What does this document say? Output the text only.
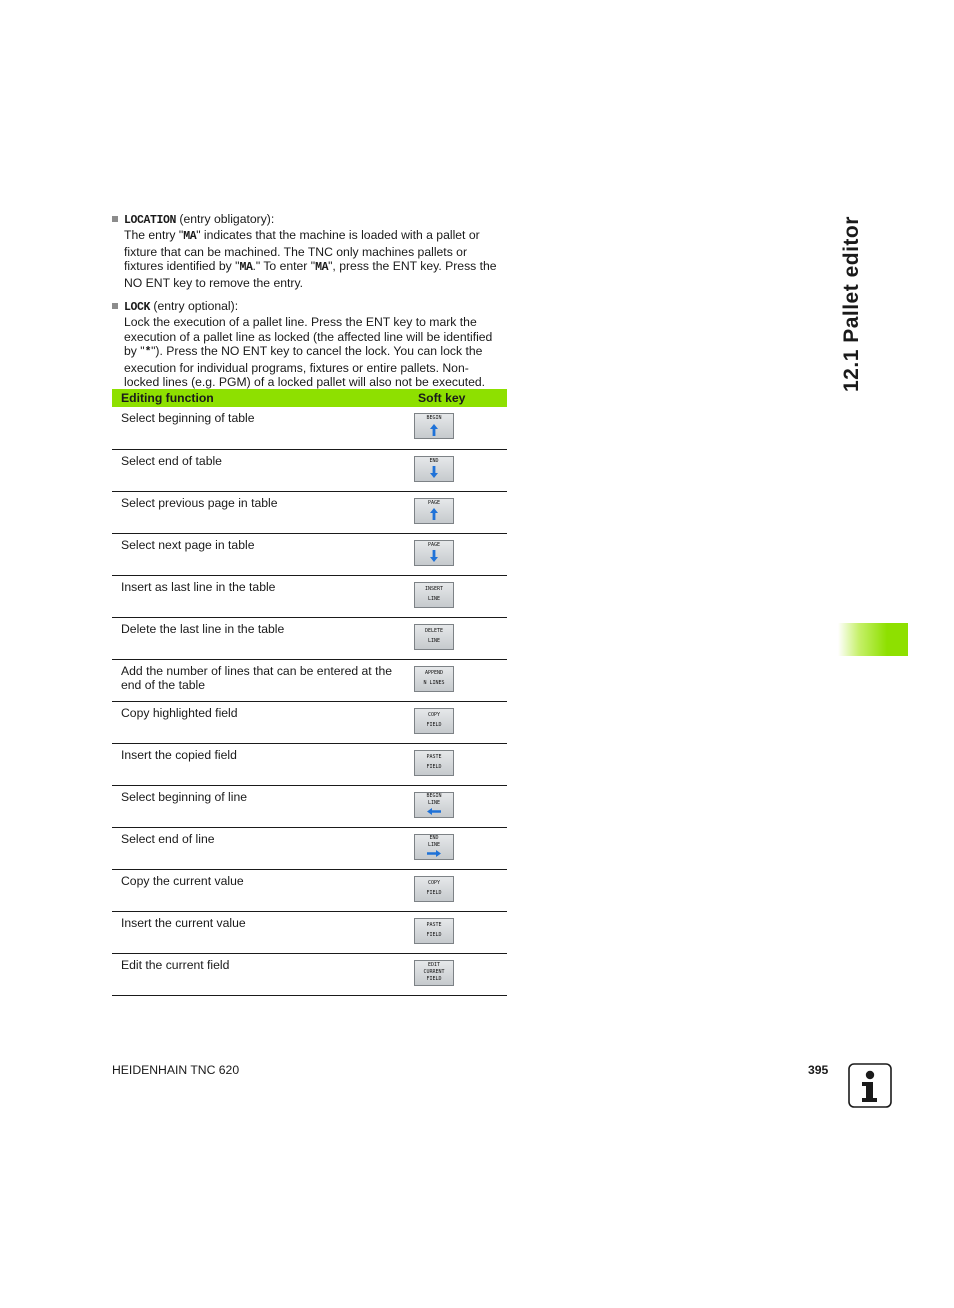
LOCATION (entry obligatory):
The entry "MA" indicates that the machine is loaded with a pallet or
fixture that can be machined. The TNC only machines pallets or
fixtures identified by "MA." To enter "MA", press the ENT key. Press the
NO ENT key to remove the entry.
LOCK (entry optional):
Lock the execution of a pallet line. Press the ENT key to mark the
execution of a pallet line as locked (the affected line will be identified
by "*"). Press the NO ENT key to cancel the lock. You can lock the
execution for individual programs, fixtures or entire pallets. Non-
locked lines (e.g. PGM) of a locked pallet will also not be executed.
Editing function	Soft key
Select beginning of table	BEGIN

Select end of table	END

Select previous page in table	PAGE

Select next page in table	PAGE

Insert as last line in the table	INSERT
LINE

Delete the last line in the table	DELETE
LINE

Add the number of lines that can be entered at the end of the table	APPEND
N LINES

Copy highlighted field	COPY
FIELD

Insert the copied field	PASTE
FIELD

Select beginning of line	BEGIN
LINE

Select end of line	END
LINE

Copy the current value	COPY
FIELD

Insert the current value	PASTE
FIELD

Edit the current field	EDIT
CURRENT
FIELD
12.1 Pallet editor
HEIDENHAIN TNC 620	395
